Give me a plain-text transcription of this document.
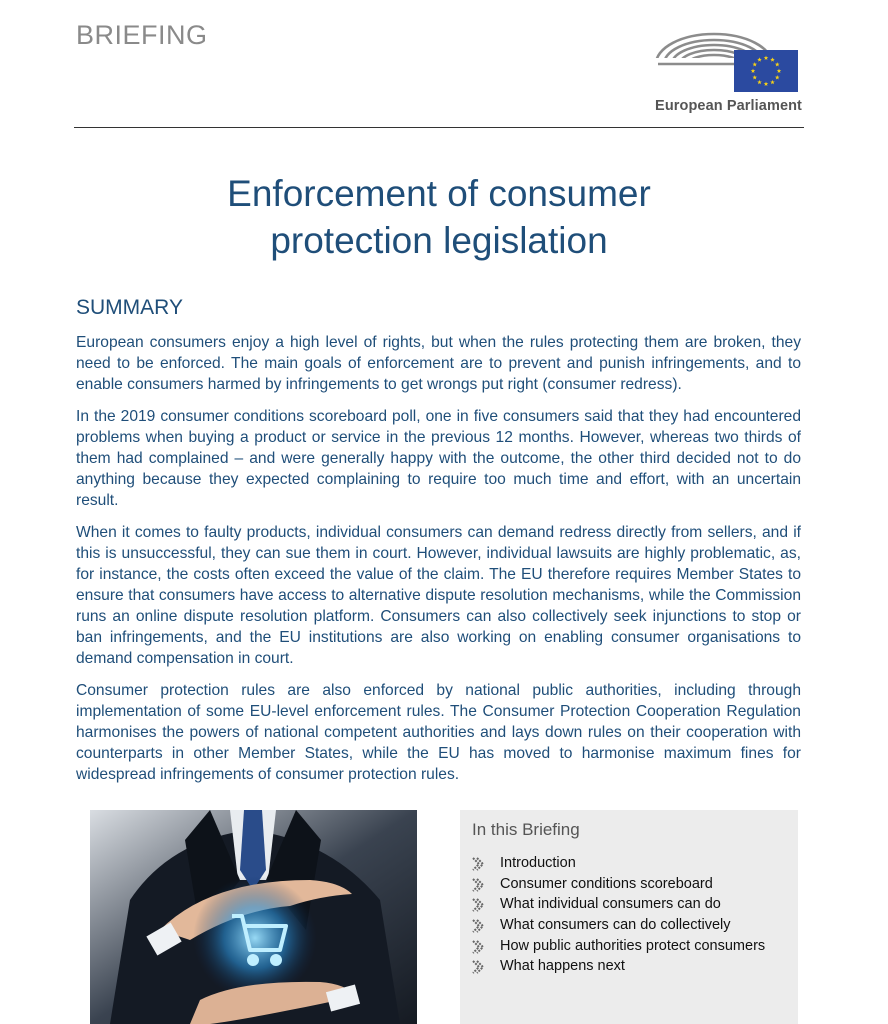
BRIEFING
European Parliament
Enforcement of consumer
protection legislation
SUMMARY

European consumers enjoy a high level of rights, but when the rules protecting them are broken, they need to be enforced. The main goals of enforcement are to prevent and punish infringements, and to enable consumers harmed by infringements to get wrongs put right (consumer redress).

In the 2019 consumer conditions scoreboard poll, one in five consumers said that they had encountered problems when buying a product or service in the previous 12 months. However, whereas two thirds of them had complained – and were generally happy with the outcome, the other third decided not to do anything because they expected complaining to require too much time and effort, with an uncertain result.

When it comes to faulty products, individual consumers can demand redress directly from sellers, and if this is unsuccessful, they can sue them in court. However, individual lawsuits are highly problematic, as, for instance, the costs often exceed the value of the claim. The EU therefore requires Member States to ensure that consumers have access to alternative dispute resolution mechanisms, while the Commission runs an online dispute resolution platform. Consumers can also collectively seek injunctions to stop or ban infringements, and the EU institutions are also working on enabling consumer organisations to demand compensation in court.

Consumer protection rules are also enforced by national public authorities, including through implementation of some EU-level enforcement rules. The Consumer Protection Cooperation Regulation harmonises the powers of national competent authorities and lays down rules on their cooperation with counterparts in other Member States, while the EU has moved to harmonise maximum fines for widespread infringements of consumer protection rules.

In this Briefing
Introduction
Consumer conditions scoreboard
What individual consumers can do
What consumers can do collectively
How public authorities protect consumers
What happens next
